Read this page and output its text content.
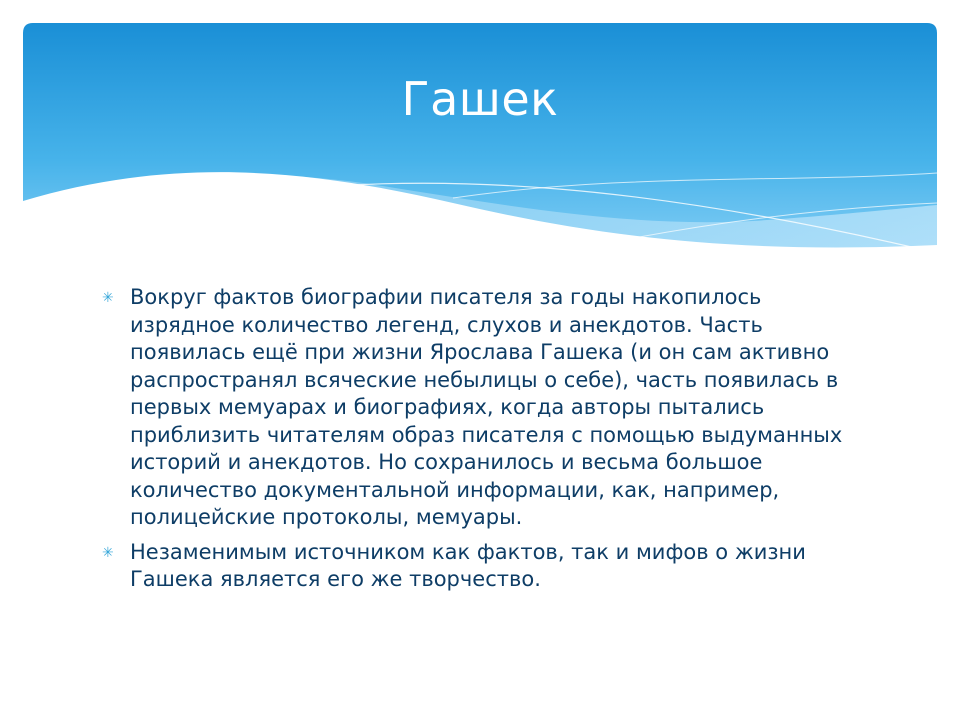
Гашек
✳ Вокруг фактов биографии писателя за годы накопилось изрядное количество легенд, слухов и анекдотов. Часть появилась ещё при жизни Ярослава Гашека (и он сам активно распространял всяческие небылицы о себе), часть появилась в первых мемуарах и биографиях, когда авторы пытались приблизить читателям образ писателя с помощью выдуманных историй и анекдотов. Но сохранилось и весьма большое количество документальной информации, как, например, полицейские протоколы, мемуары.
✳ Незаменимым источником как фактов, так и мифов о жизни Гашека является его же творчество.
